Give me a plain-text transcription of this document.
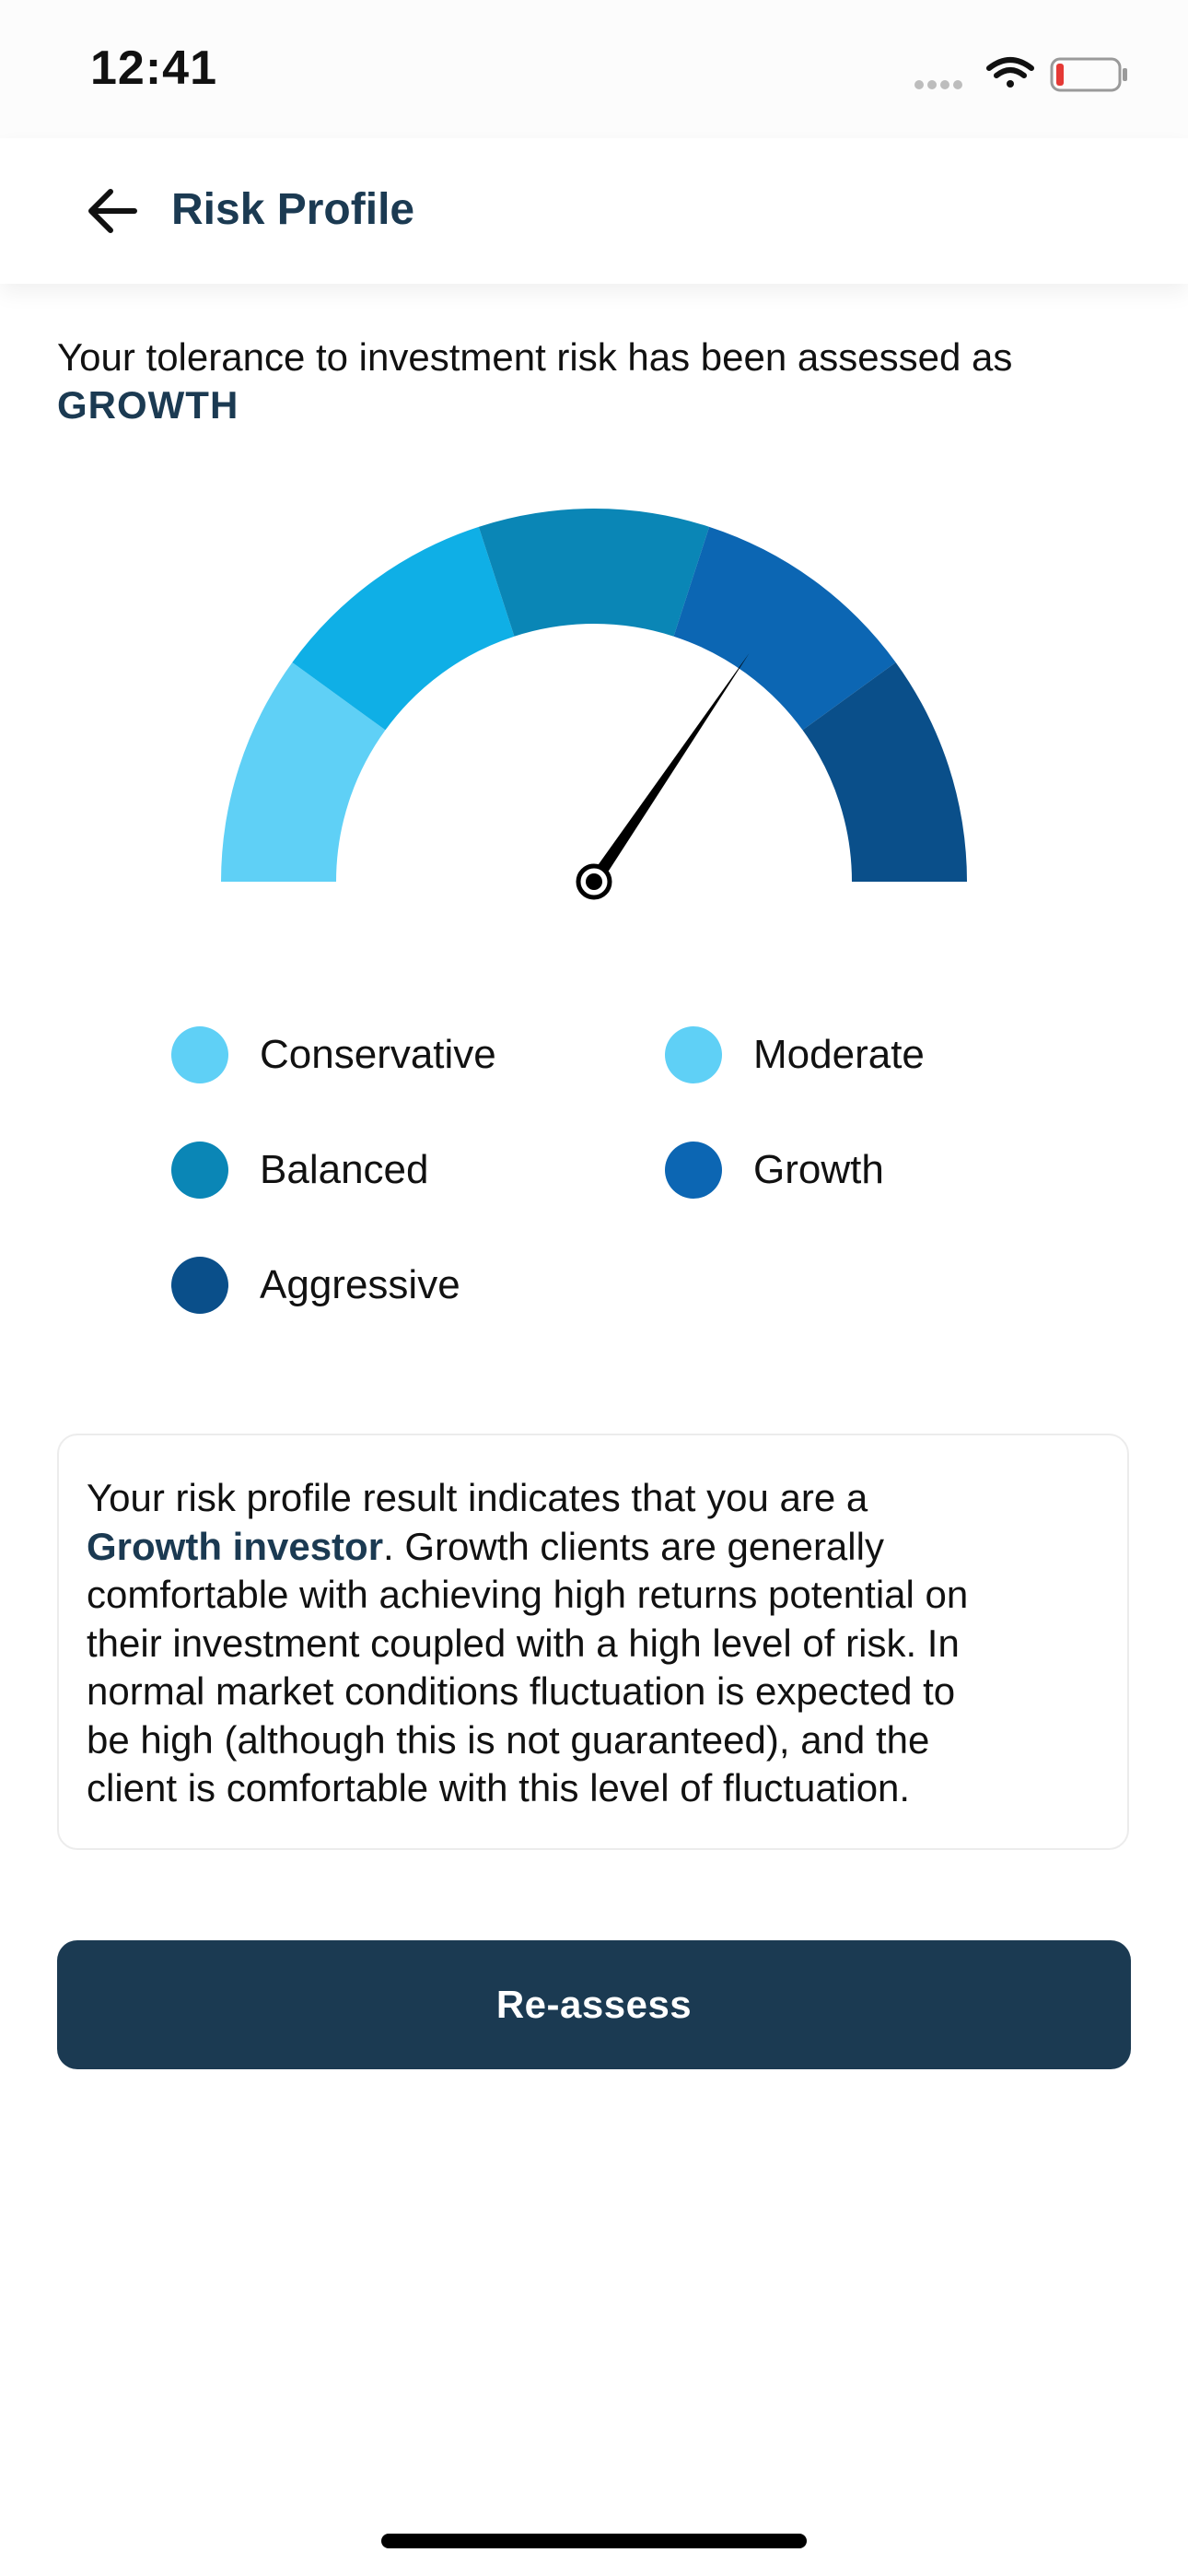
12:41
Risk Profile
Your tolerance to investment risk has been assessed as
GROWTH
Conservative	Moderate
Balanced	Growth
Aggressive

Your risk profile result indicates that you are a
Growth investor. Growth clients are generally
comfortable with achieving high returns potential on
their investment coupled with a high level of risk. In
normal market conditions fluctuation is expected to
be high (although this is not guaranteed), and the
client is comfortable with this level of fluctuation.

Re-assess
